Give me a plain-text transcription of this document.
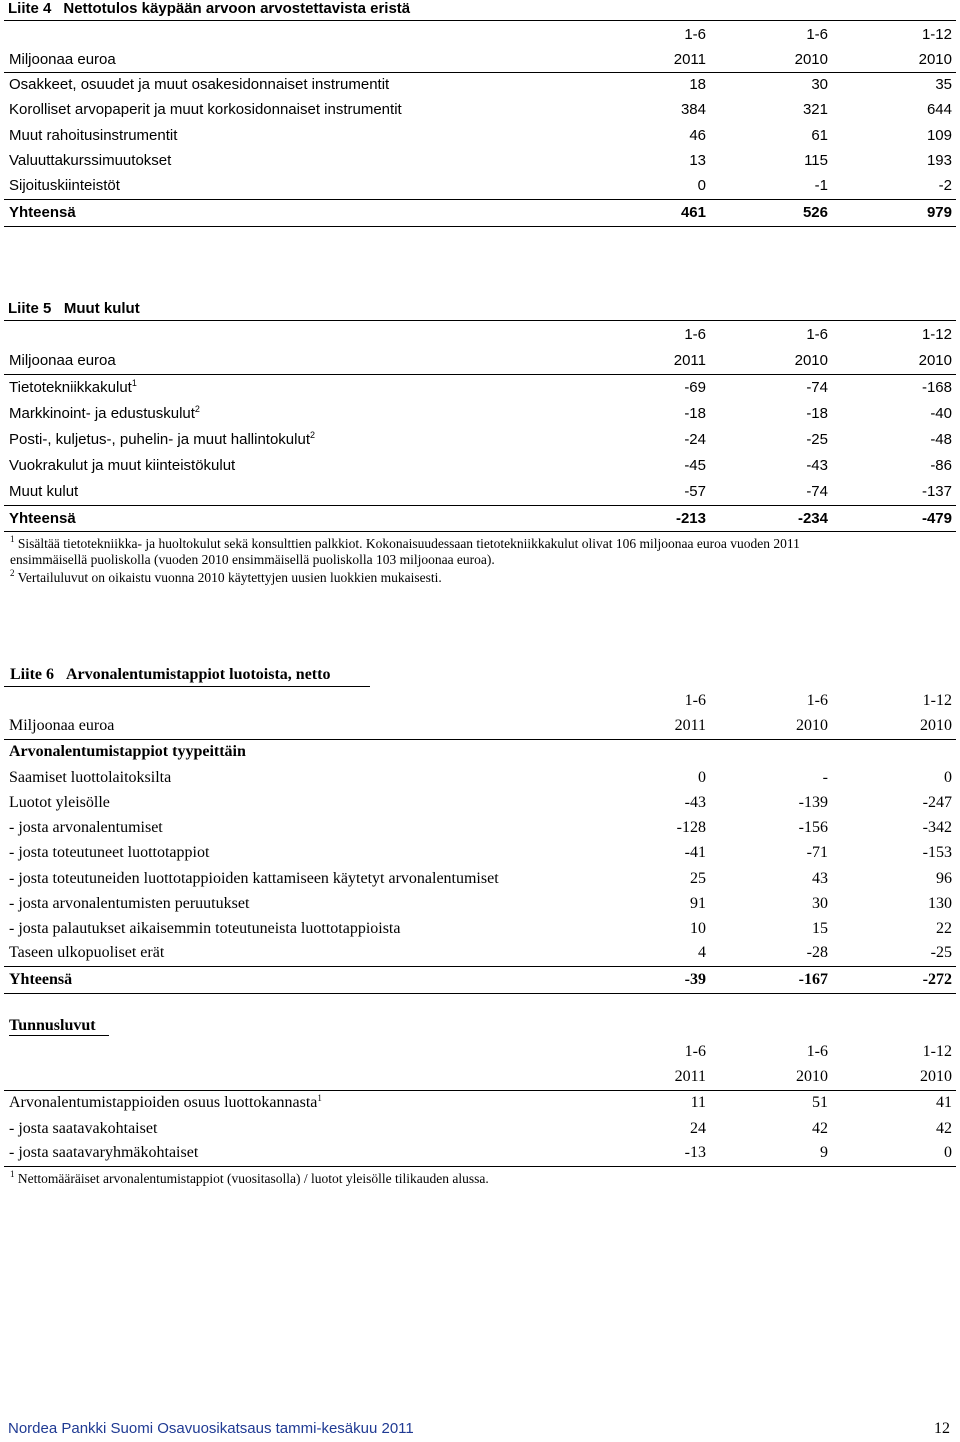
Liite 4 Nettotulos käypään arvoon arvostettavista eristä
	1-6	1-6	1-12
Miljoonaa euroa	2011	2010	2010
Osakkeet, osuudet ja muut osakesidonnaiset instrumentit	18	30	35
Korolliset arvopaperit ja muut korkosidonnaiset instrumentit	384	321	644
Muut rahoitusinstrumentit	46	61	109
Valuuttakurssimuutokset	13	115	193
Sijoituskiinteistöt	0	-1	-2
Yhteensä	461	526	979
Liite 5 Muut kulut
	1-6	1-6	1-12
Miljoonaa euroa	2011	2010	2010
Tietotekniikkakulut$^1$	-69	-74	-168
Markkinoint- ja edustuskulut$^2$	-18	-18	-40
Posti-, kuljetus-, puhelin- ja muut hallintokulut$^2$	-24	-25	-48
Vuokrakulut ja muut kiinteistökulut	-45	-43	-86
Muut kulut	-57	-74	-137
Yhteensä	-213	-234	-479
$^1$ Sisältää tietotekniikka- ja huoltokulut sekä konsulttien palkkiot. Kokonaisuudessaan tietotekniikkakulut olivat 106 miljoonaa euroa vuoden 2011
ensimmäisellä puoliskolla (vuoden 2010 ensimmäisellä puoliskolla 103 miljoonaa euroa).
$^2$ Vertailuluvut on oikaistu vuonna 2010 käytettyjen uusien luokkien mukaisesti.
Liite 6 Arvonalentumistappiot luotoista, netto
	1-6	1-6	1-12
Miljoonaa euroa	2011	2010	2010
Arvonalentumistappiot tyypeittäin			
Saamiset luottolaitoksilta	0	-	0
Luotot yleisölle	-43	-139	-247
- josta arvonalentumiset	-128	-156	-342
- josta toteutuneet luottotappiot	-41	-71	-153
- josta toteutuneiden luottotappioiden kattamiseen käytetyt arvonalentumiset	25	43	96
- josta arvonalentumisten peruutukset	91	30	130
- josta palautukset aikaisemmin toteutuneista luottotappioista	10	15	22
Taseen ulkopuoliset erät	4	-28	-25
Yhteensä	-39	-167	-272

Tunnusluvut			
	1-6	1-6	1-12
	2011	2010	2010
Arvonalentumistappioiden osuus luottokannasta$^1$	11	51	41
- josta saatavakohtaiset	24	42	42
- josta saatavaryhmäkohtaiset	-13	9	0
$^1$ Nettomääräiset arvonalentumistappiot (vuositasolla) / luotot yleisölle tilikauden alussa.
Nordea Pankki Suomi Osavuosikatsaus tammi-kesäkuu 2011	12
